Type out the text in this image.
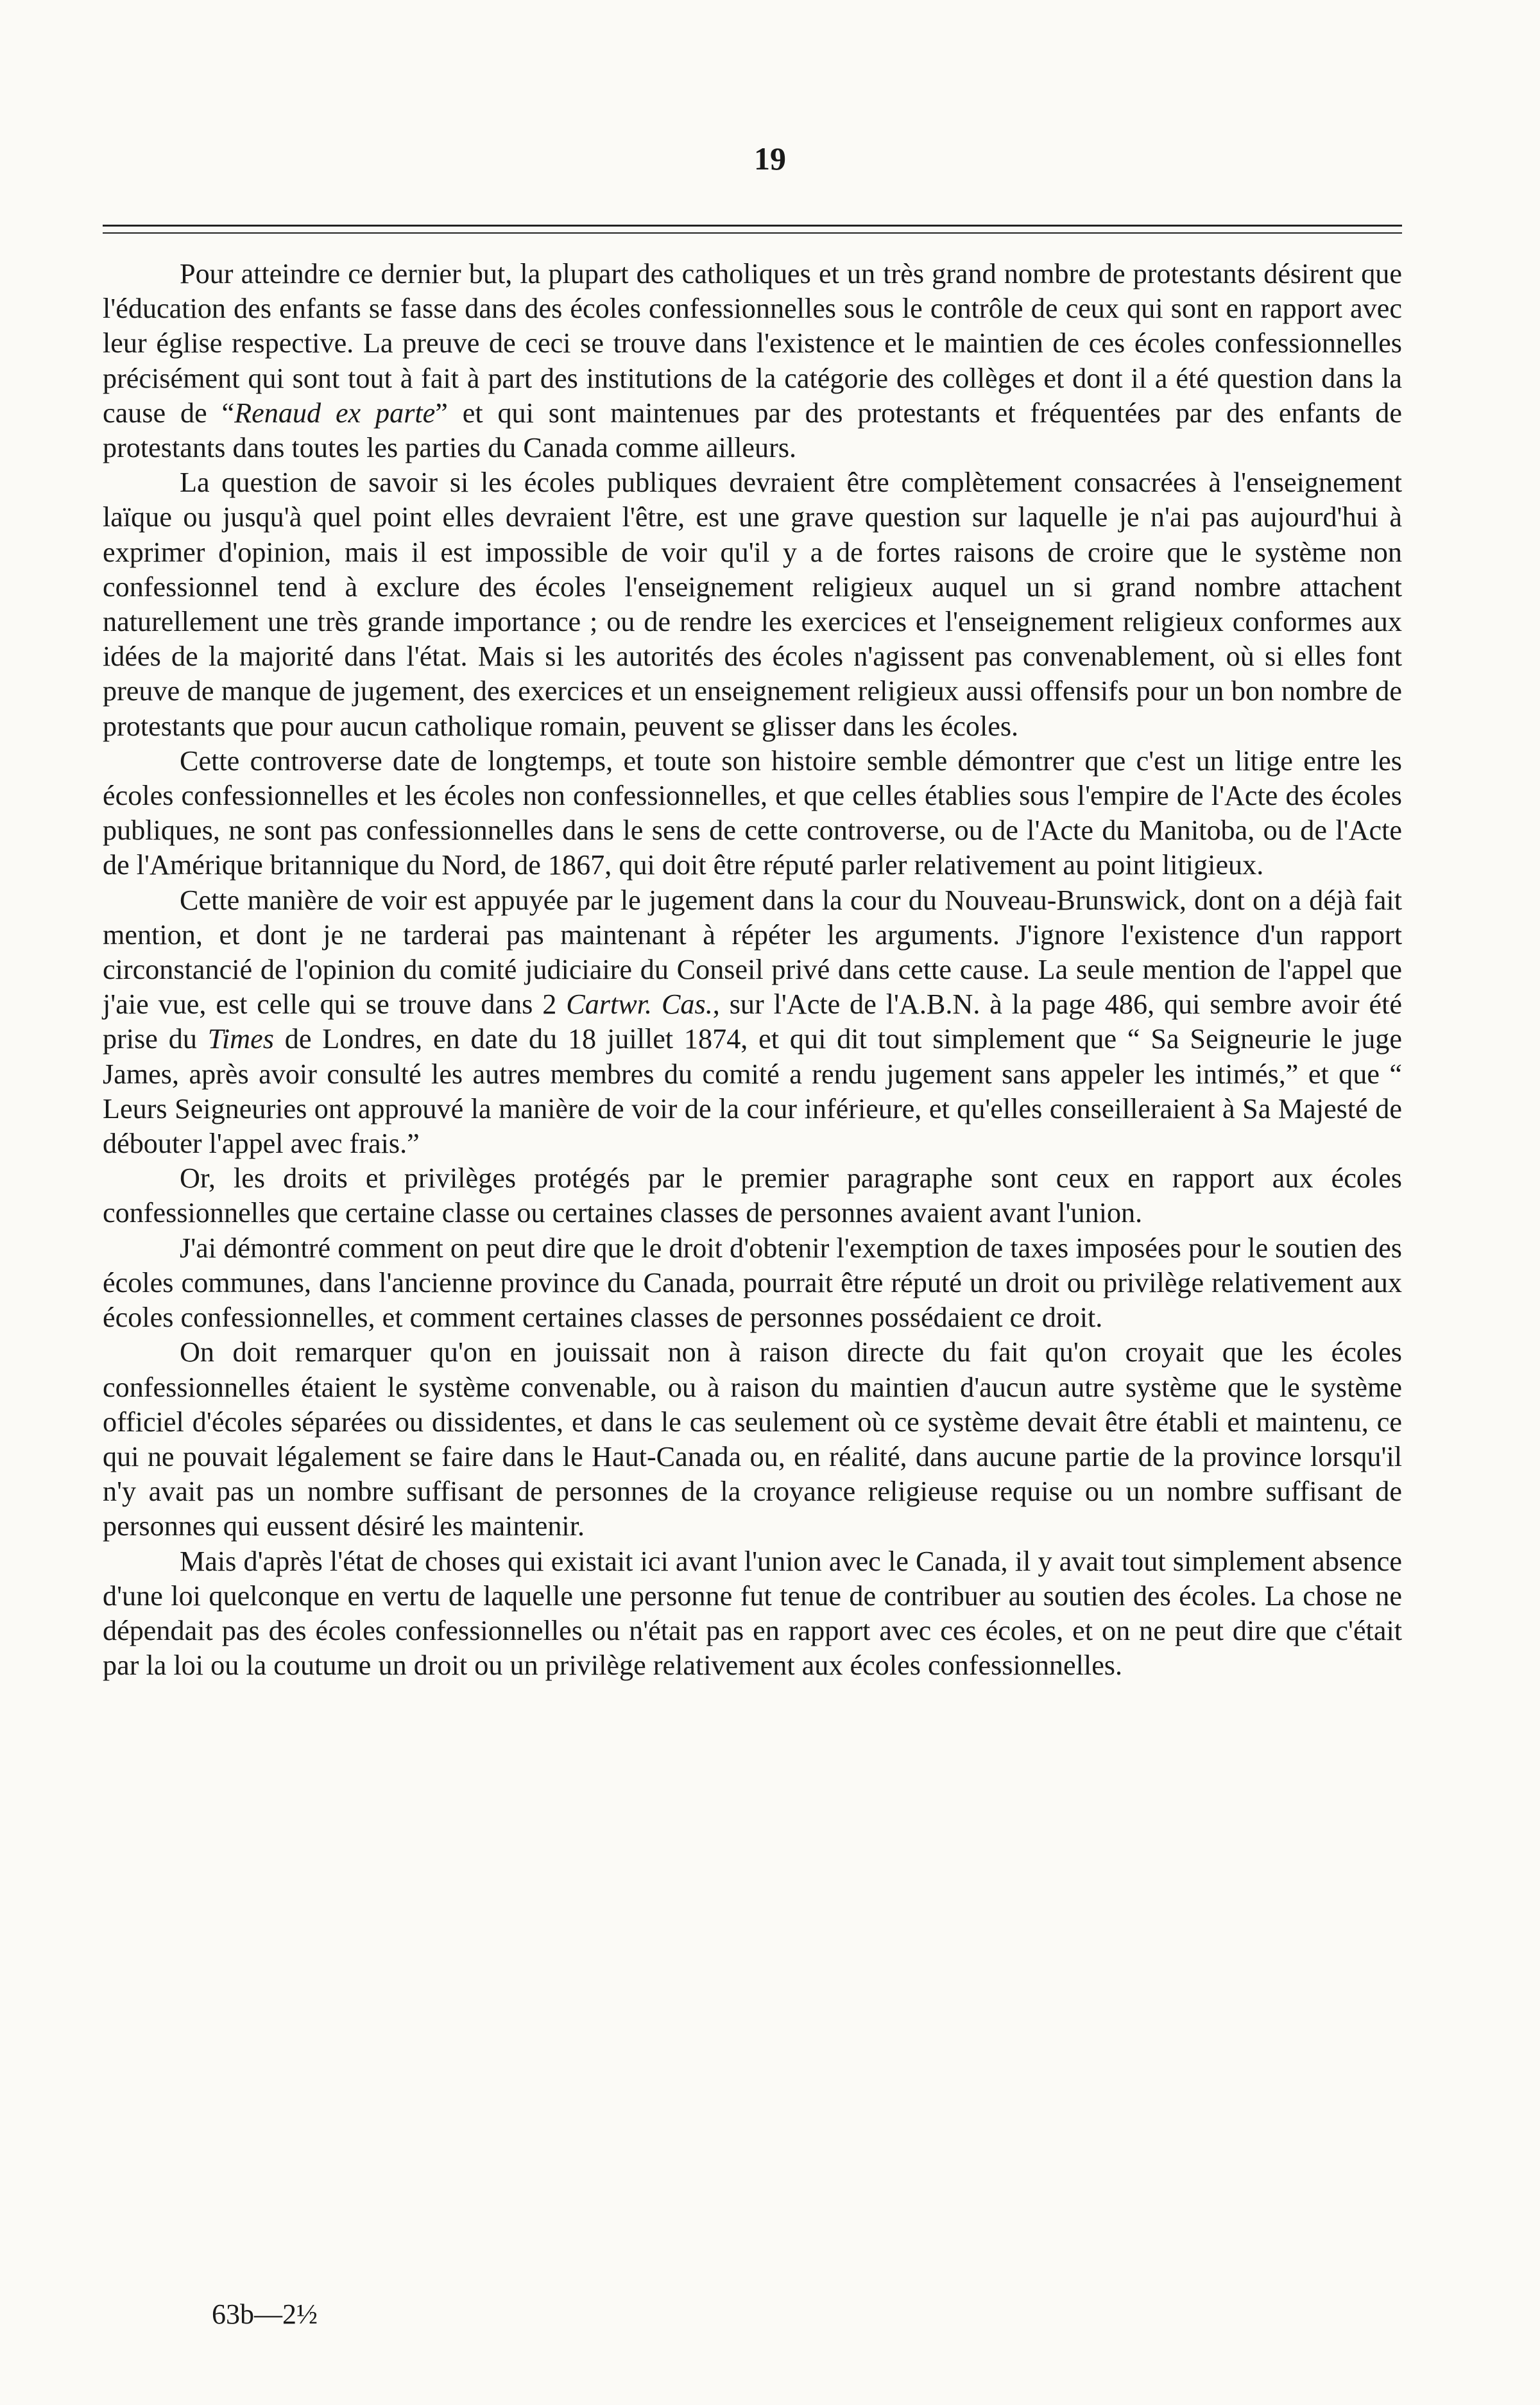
19

Pour atteindre ce dernier but, la plupart des catholiques et un très grand nombre de protestants désirent que l'éducation des enfants se fasse dans des écoles confessionnelles sous le contrôle de ceux qui sont en rapport avec leur église respective. La preuve de ceci se trouve dans l'existence et le maintien de ces écoles confessionnelles précisément qui sont tout à fait à part des institutions de la catégorie des collèges et dont il a été question dans la cause de “Renaud ex parte” et qui sont maintenues par des protestants et fréquentées par des enfants de protestants dans toutes les parties du Canada comme ailleurs.

La question de savoir si les écoles publiques devraient être complètement consacrées à l'enseignement laïque ou jusqu'à quel point elles devraient l'être, est une grave question sur laquelle je n'ai pas aujourd'hui à exprimer d'opinion, mais il est impossible de voir qu'il y a de fortes raisons de croire que le système non confessionnel tend à exclure des écoles l'enseignement religieux auquel un si grand nombre attachent naturellement une très grande importance ; ou de rendre les exercices et l'enseignement religieux conformes aux idées de la majorité dans l'état. Mais si les autorités des écoles n'agissent pas convenablement, où si elles font preuve de manque de jugement, des exercices et un enseignement religieux aussi offensifs pour un bon nombre de protestants que pour aucun catholique romain, peuvent se glisser dans les écoles.

Cette controverse date de longtemps, et toute son histoire semble démontrer que c'est un litige entre les écoles confessionnelles et les écoles non confessionnelles, et que celles établies sous l'empire de l'Acte des écoles publiques, ne sont pas confessionnelles dans le sens de cette controverse, ou de l'Acte du Manitoba, ou de l'Acte de l'Amérique britannique du Nord, de 1867, qui doit être réputé parler relativement au point litigieux.

Cette manière de voir est appuyée par le jugement dans la cour du Nouveau-Brunswick, dont on a déjà fait mention, et dont je ne tarderai pas maintenant à répéter les arguments. J'ignore l'existence d'un rapport circonstancié de l'opinion du comité judiciaire du Conseil privé dans cette cause. La seule mention de l'appel que j'aie vue, est celle qui se trouve dans 2 Cartwr. Cas., sur l'Acte de l'A.B.N. à la page 486, qui sembre avoir été prise du Times de Londres, en date du 18 juillet 1874, et qui dit tout simplement que “ Sa Seigneurie le juge James, après avoir consulté les autres membres du comité a rendu jugement sans appeler les intimés,” et que “ Leurs Seigneuries ont approuvé la manière de voir de la cour inférieure, et qu'elles conseilleraient à Sa Majesté de débouter l'appel avec frais.”

Or, les droits et privilèges protégés par le premier paragraphe sont ceux en rapport aux écoles confessionnelles que certaine classe ou certaines classes de personnes avaient avant l'union.

J'ai démontré comment on peut dire que le droit d'obtenir l'exemption de taxes imposées pour le soutien des écoles communes, dans l'ancienne province du Canada, pourrait être réputé un droit ou privilège relativement aux écoles confessionnelles, et comment certaines classes de personnes possédaient ce droit.

On doit remarquer qu'on en jouissait non à raison directe du fait qu'on croyait que les écoles confessionnelles étaient le système convenable, ou à raison du maintien d'aucun autre système que le système officiel d'écoles séparées ou dissidentes, et dans le cas seulement où ce système devait être établi et maintenu, ce qui ne pouvait légalement se faire dans le Haut-Canada ou, en réalité, dans aucune partie de la province lorsqu'il n'y avait pas un nombre suffisant de personnes de la croyance religieuse requise ou un nombre suffisant de personnes qui eussent désiré les maintenir.

Mais d'après l'état de choses qui existait ici avant l'union avec le Canada, il y avait tout simplement absence d'une loi quelconque en vertu de laquelle une personne fut tenue de contribuer au soutien des écoles. La chose ne dépendait pas des écoles confessionnelles ou n'était pas en rapport avec ces écoles, et on ne peut dire que c'était par la loi ou la coutume un droit ou un privilège relativement aux écoles confessionnelles.

63b—2½
